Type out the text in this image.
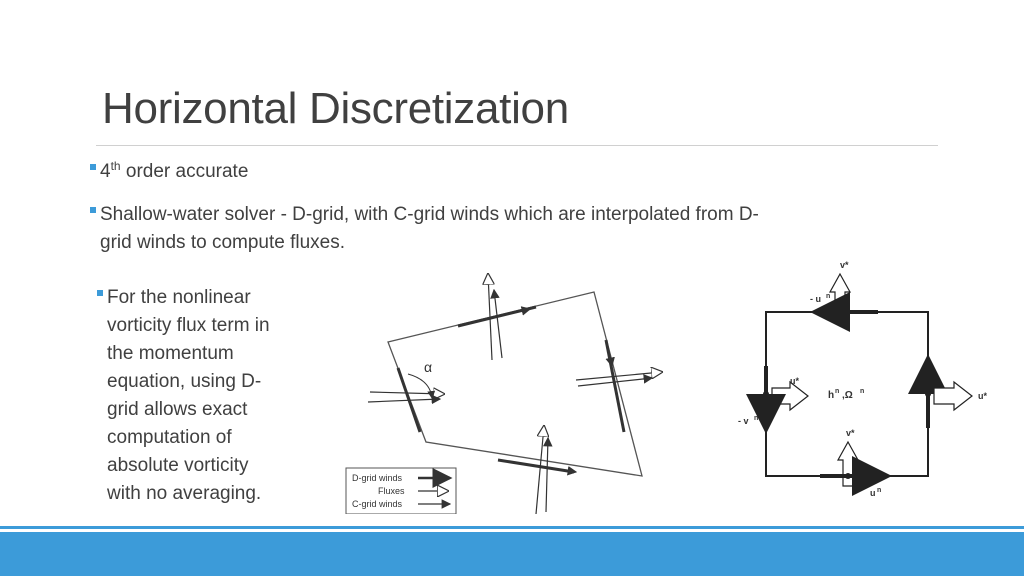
Horizontal Discretization
4th order accurate
Shallow-water solver - D-grid, with C-grid winds which are interpolated from D-
grid winds to compute fluxes.
For the nonlinear
vorticity flux term in
the momentum
equation, using D-
grid allows exact
computation of
absolute vorticity
with no averaging.
α
D-grid winds
Fluxes
C-grid winds
v*
- u n
u*
- v n
h n ,Ω n	u*
v*
u n
